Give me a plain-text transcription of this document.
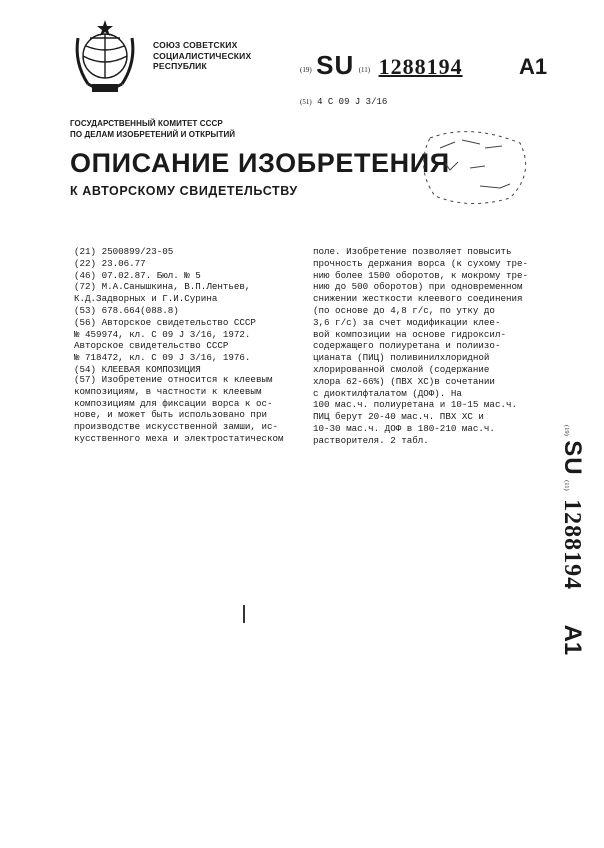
СОЮЗ СОВЕТСКИХ
СОЦИАЛИСТИЧЕСКИХ
РЕСПУБЛИК	(19) SU (11) 1288194	A1
(51) 4 С 09 J 3/16
ГОСУДАРСТВЕННЫЙ КОМИТЕТ СССР
ПО ДЕЛАМ ИЗОБРЕТЕНИЙ И ОТКРЫТИЙ
ОПИСАНИЕ ИЗОБРЕТЕНИЯ
К АВТОРСКОМУ СВИДЕТЕЛЬСТВУ
(21) 2500899/23-05
(22) 23.06.77
(46) 07.02.87. Бюл. № 5
(72) М.А.Санышкина, В.П.Лентьев,
К.Д.Задворных и Г.И.Сурина
(53) 678.664(088.8)
(56) Авторское свидетельство СССР
№ 459974, кл. С 09 J 3/16, 1972.
Авторское свидетельство СССР
№ 718472, кл. С 09 J 3/16, 1976.
(54) КЛЕЕВАЯ КОМПОЗИЦИЯ
(57) Изобретение относится к клеевым
композициям, в частности к клеевым
композициям для фиксации ворса к ос-
нове, и может быть использовано при
производстве искусственной замши, ис-
кусственного меха и электростатическом
поле. Изобретение позволяет повысить
прочность держания ворса (к сухому тре-
нию более 1500 оборотов, к мокрому тре-
нию до 500 оборотов) при одновременном
снижении жесткости клеевого соединения
(по основе до 4,8 г/с, по утку до
3,6 г/с) за счет модификации клее-
вой композиции на основе гидроксил-
содержащего полиуретана и полиизо-
цианата (ПИЦ) поливинилхлоридной
хлорированной смолой (содержание
хлора 62-66%) (ПВХ ХС)в сочетании
с диоктилфталатом (ДОФ). На
100 мас.ч. полиуретана и 10-15 мас.ч.
ПИЦ берут 20-40 мас.ч. ПВХ ХС и
10-30 мас.ч. ДОФ в 180-210 мас.ч.
растворителя. 2 табл.
(19) SU (11) 1288194 A1
